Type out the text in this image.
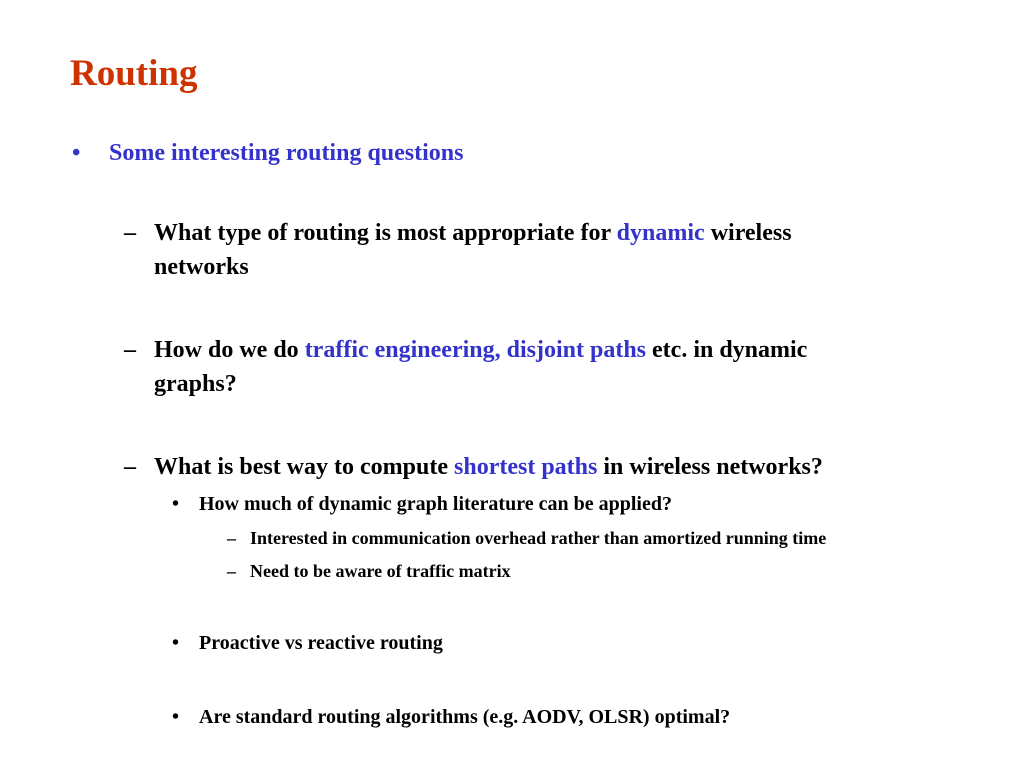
Routing
• Some interesting routing questions
– What type of routing is most appropriate for dynamic wireless
networks
– How do we do traffic engineering, disjoint paths etc. in dynamic
graphs?
– What is best way to compute shortest paths in wireless networks?
• How much of dynamic graph literature can be applied?
– Interested in communication overhead rather than amortized running time
– Need to be aware of traffic matrix
• Proactive vs reactive routing
• Are standard routing algorithms (e.g. AODV, OLSR) optimal?
